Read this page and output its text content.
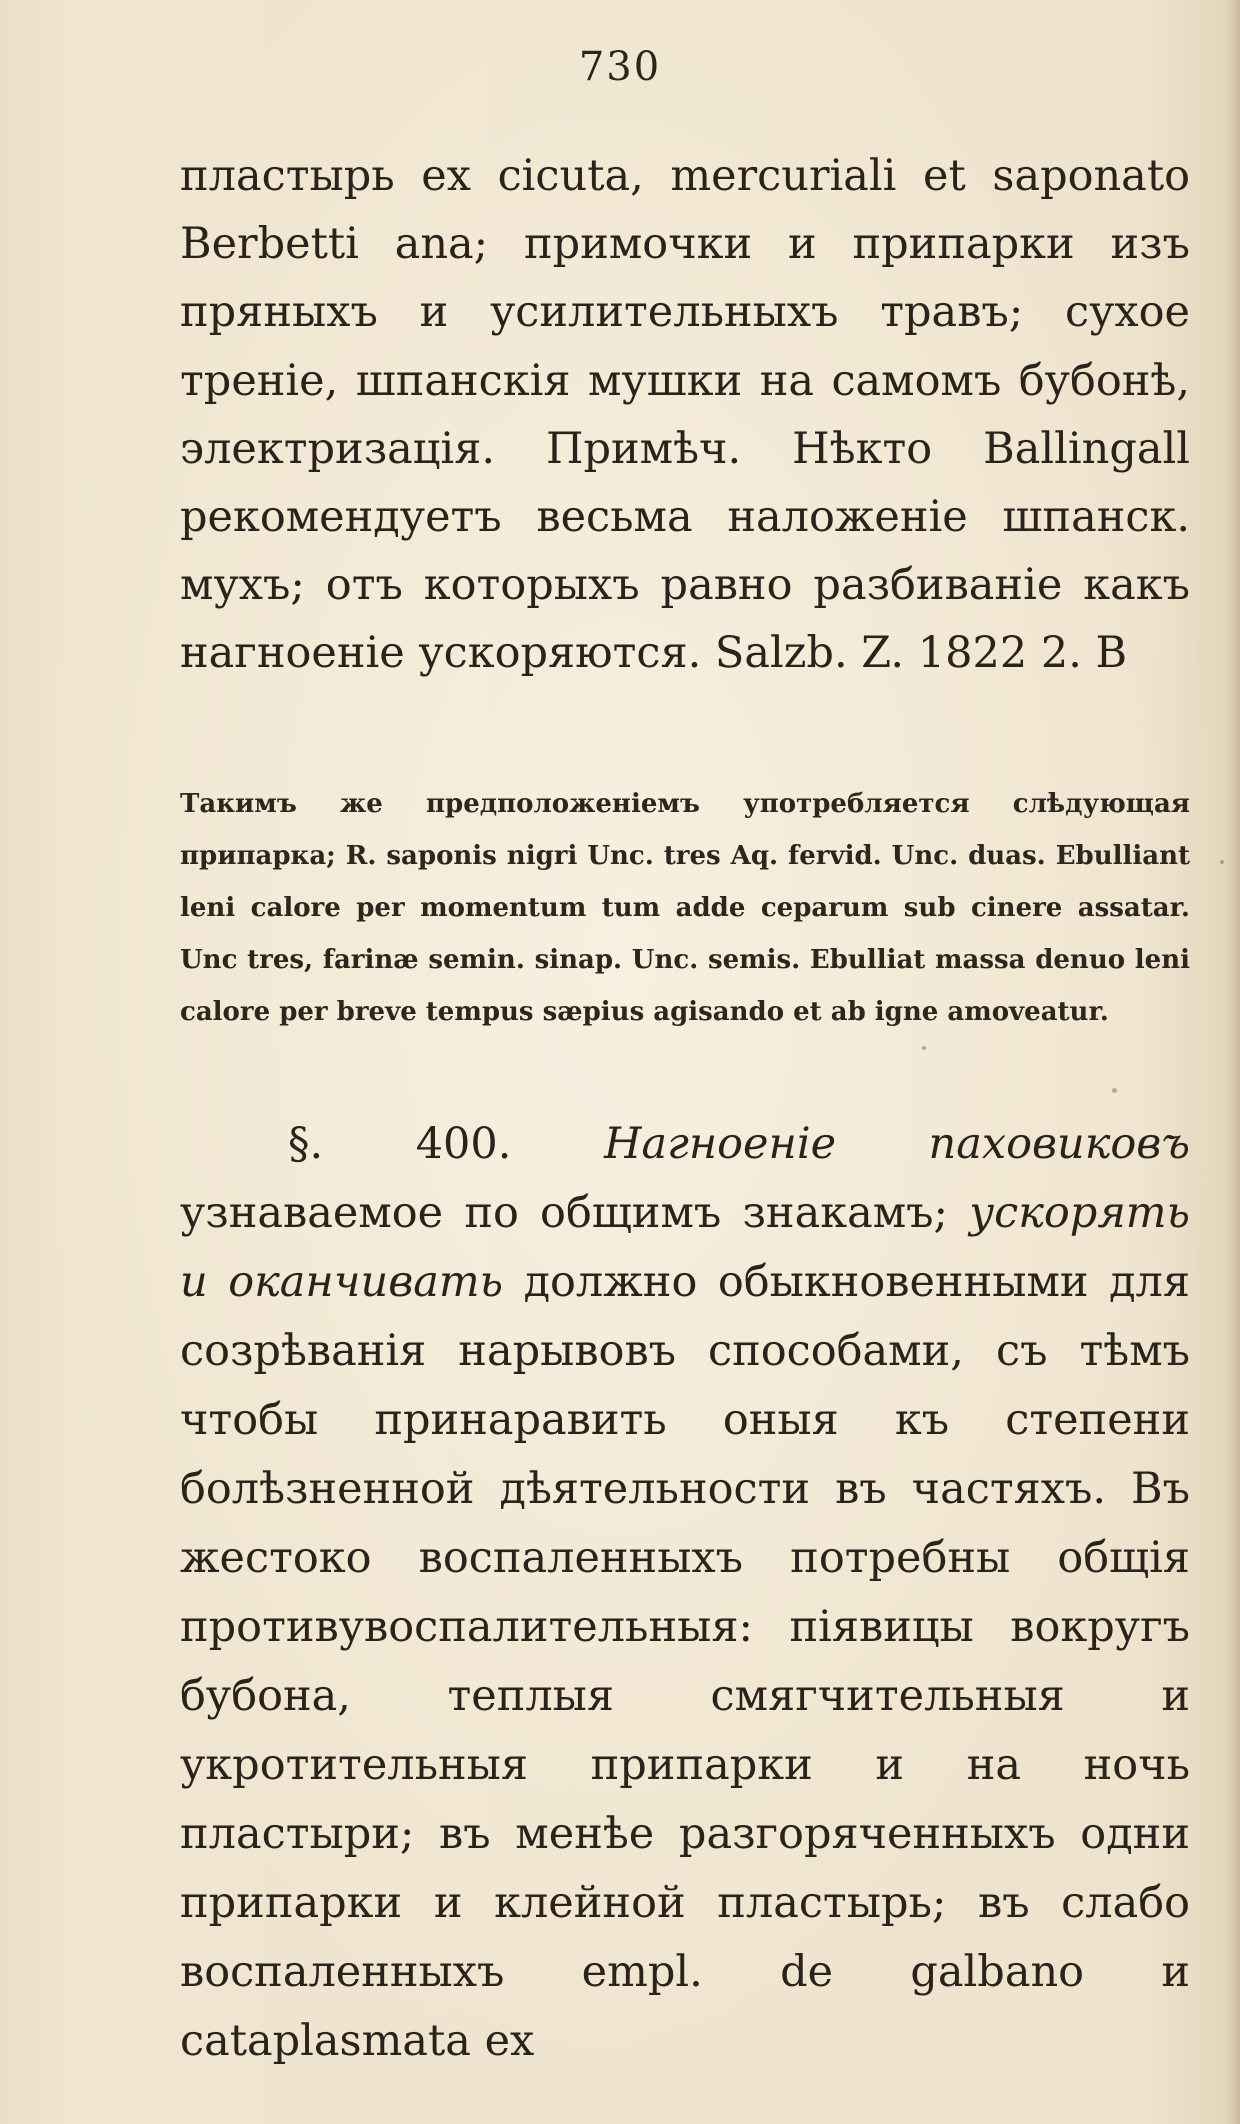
730

пластырь ex cicuta, mercuriali et saponato Berbetti ana; примочки и припарки изъ пряныхъ и усилительныхъ травъ; сухое треніе, шпанскія мушки на самомъ бубонѣ, электризація. Примѣч. Нѣкто Ballingall рекомендуетъ весьма наложеніе шпанск. мухъ; отъ которыхъ равно разбиваніе какъ нагноеніе ускоряются. Salzb. Z. 1822 2. B

Такимъ же предположеніемъ употребляется слѣдующая припарка; R. saponis nigri Unc. tres Aq. fervid. Unc. duas. Ebulliant leni calore per momentum tum adde ceparum sub cinere assatar. Unc tres, farinæ semin. sinap. Unc. semis. Ebulliat massa denuo leni calore per breve tempus sæpius agisando et ab igne amoveatur.

§. 400. Нагноеніе паховиковъ узнаваемое по общимъ знакамъ; ускорять и оканчивать должно обыкновенными для созрѣванія нарывовъ способами, съ тѣмъ чтобы принаравить оныя къ степени болѣзненной дѣятельности въ частяхъ. Въ жестоко воспаленныхъ потребны общія противувоспалительныя: піявицы вокругъ бубона, теплыя смягчительныя и укротительныя припарки и на ночь пластыри; въ менѣе разгоряченныхъ одни припарки и клейной пластырь; въ слабо воспаленныхъ empl. de galbano и cataplasmata ex
